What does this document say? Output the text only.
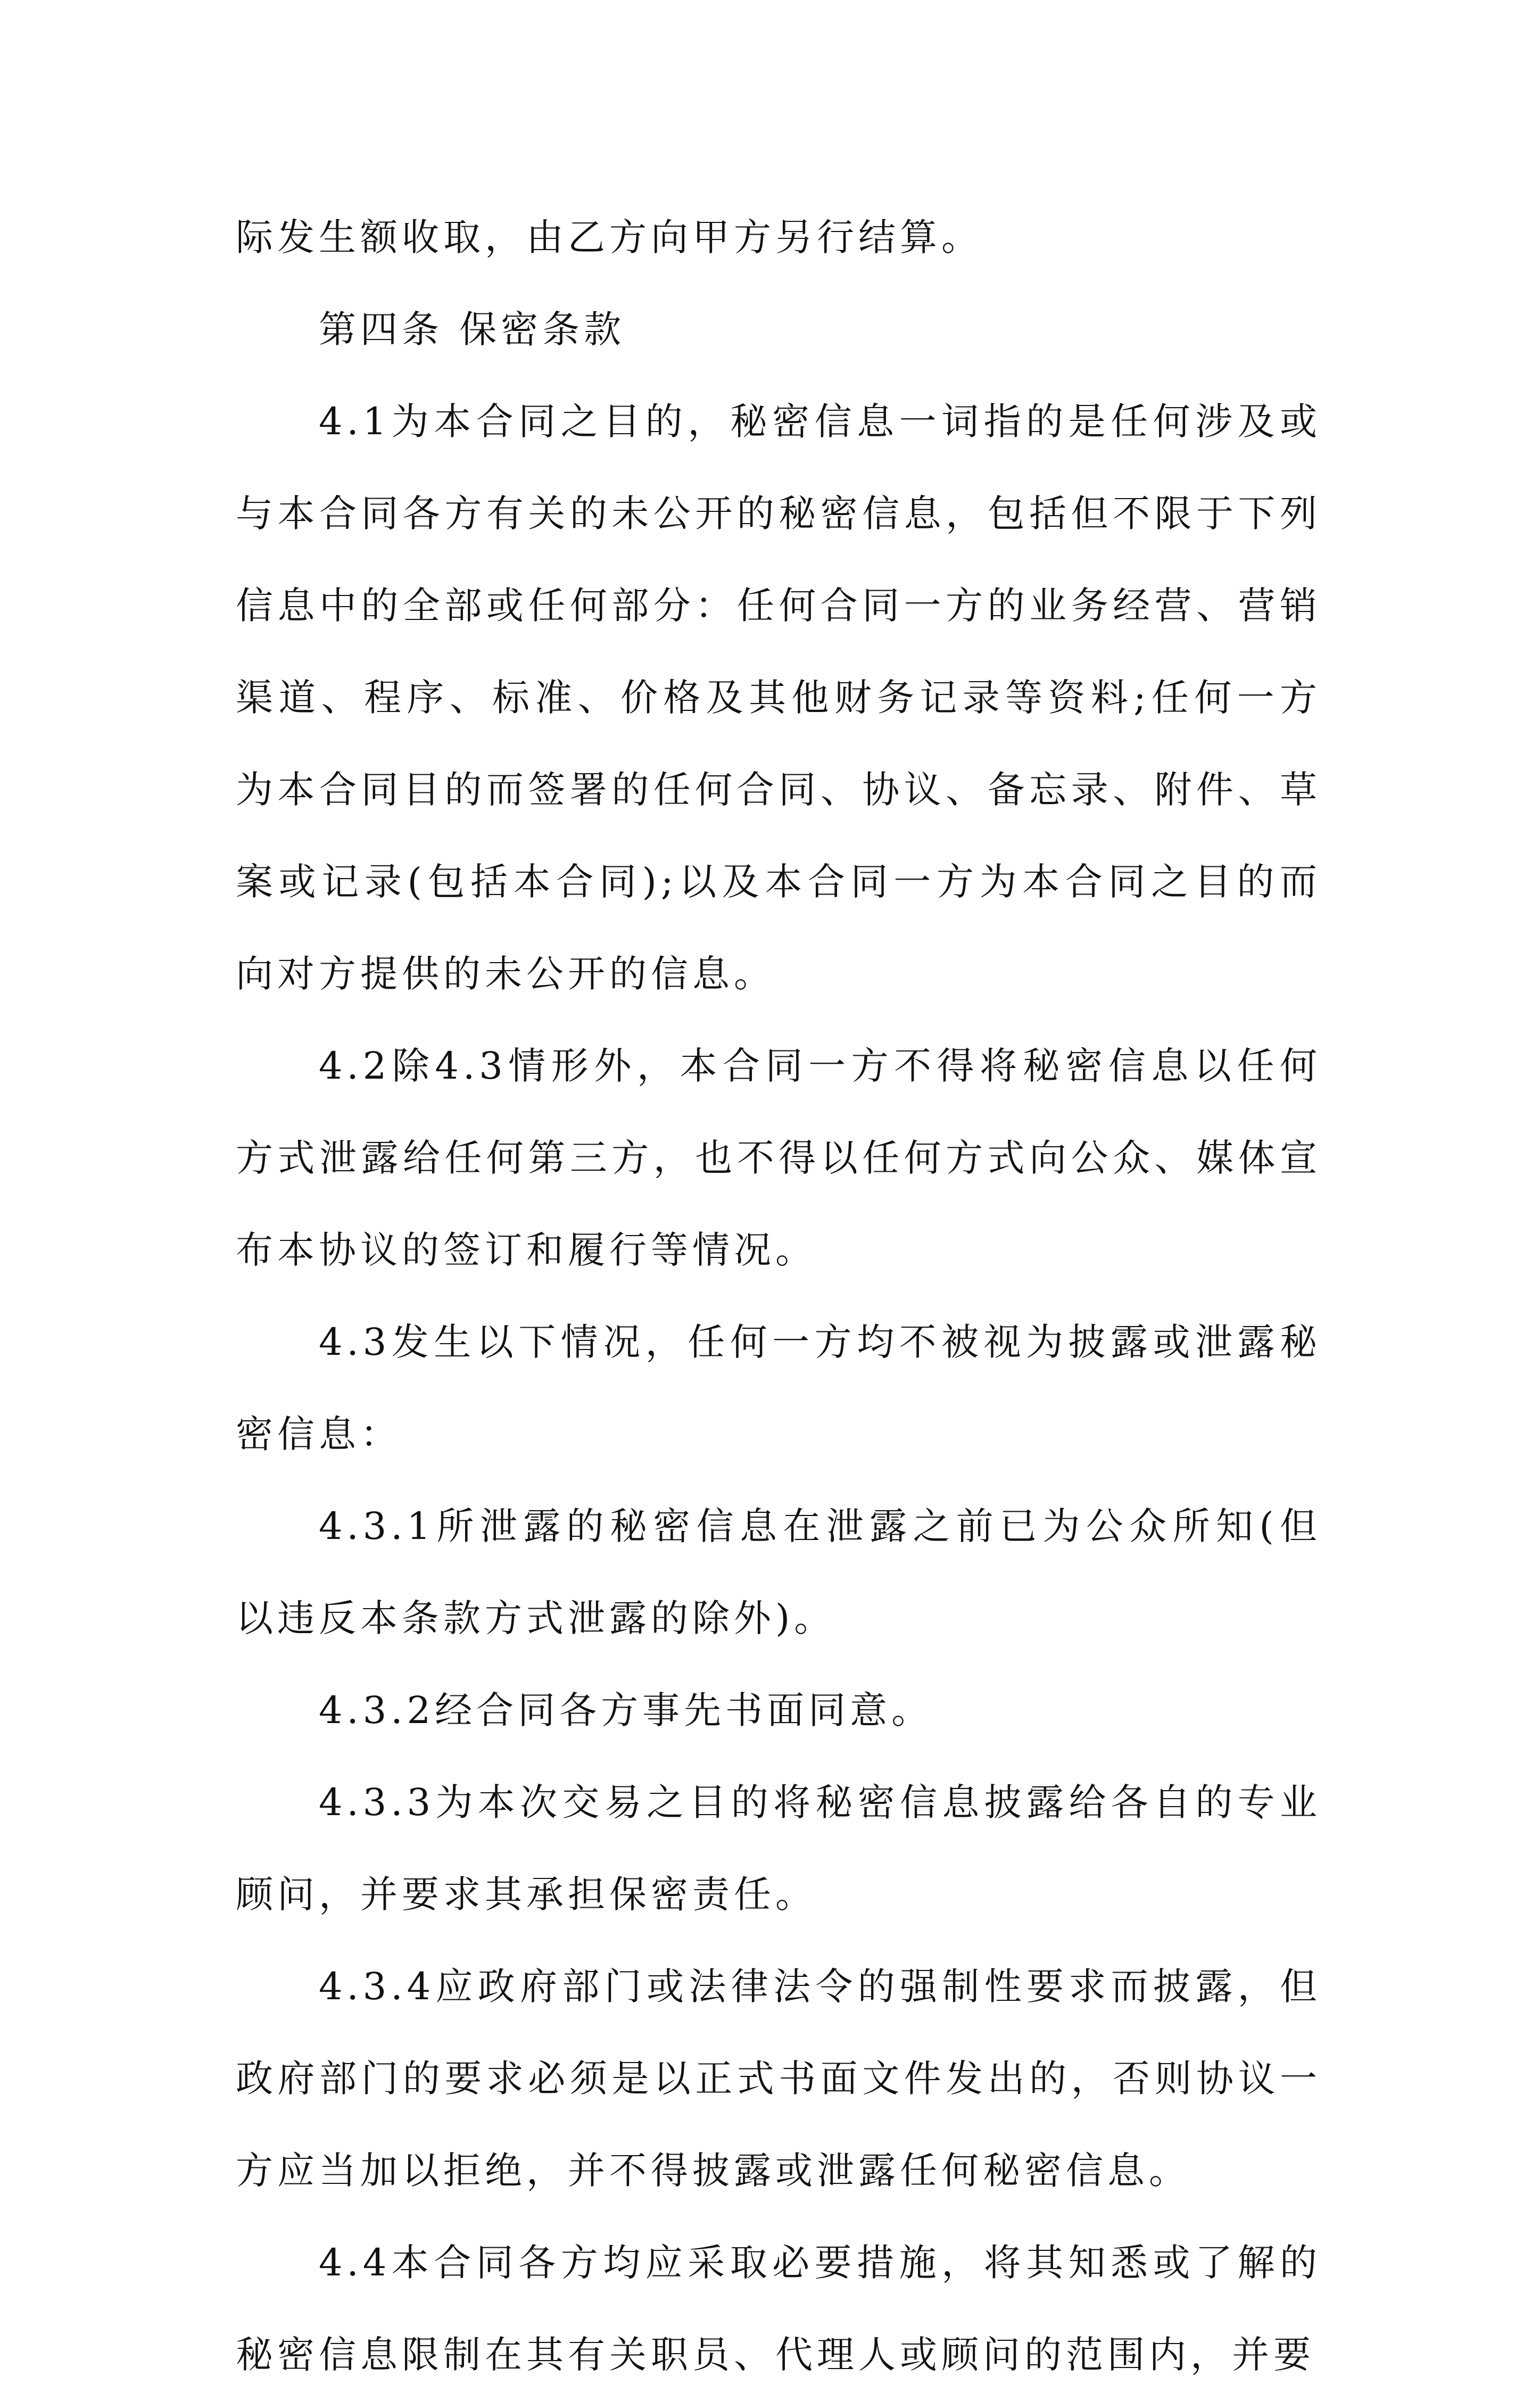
际发生额收取，由乙方向甲方另行结算。

第四条 保密条款

4.1为本合同之目的，秘密信息一词指的是任何涉及或与本合同各方有关的未公开的秘密信息，包括但不限于下列信息中的全部或任何部分：任何合同一方的业务经营、营销渠道、程序、标准、价格及其他财务记录等资料;任何一方为本合同目的而签署的任何合同、协议、备忘录、附件、草案或记录(包括本合同);以及本合同一方为本合同之目的而向对方提供的未公开的信息。

4.2除4.3情形外，本合同一方不得将秘密信息以任何方式泄露给任何第三方，也不得以任何方式向公众、媒体宣布本协议的签订和履行等情况。

4.3发生以下情况，任何一方均不被视为披露或泄露秘密信息：

4.3.1所泄露的秘密信息在泄露之前已为公众所知(但以违反本条款方式泄露的除外)。

4.3.2经合同各方事先书面同意。

4.3.3为本次交易之目的将秘密信息披露给各自的专业顾问，并要求其承担保密责任。

4.3.4应政府部门或法律法令的强制性要求而披露，但政府部门的要求必须是以正式书面文件发出的，否则协议一方应当加以拒绝，并不得披露或泄露任何秘密信息。

4.4本合同各方均应采取必要措施，将其知悉或了解的秘密信息限制在其有关职员、代理人或顾问的范围内，并要
